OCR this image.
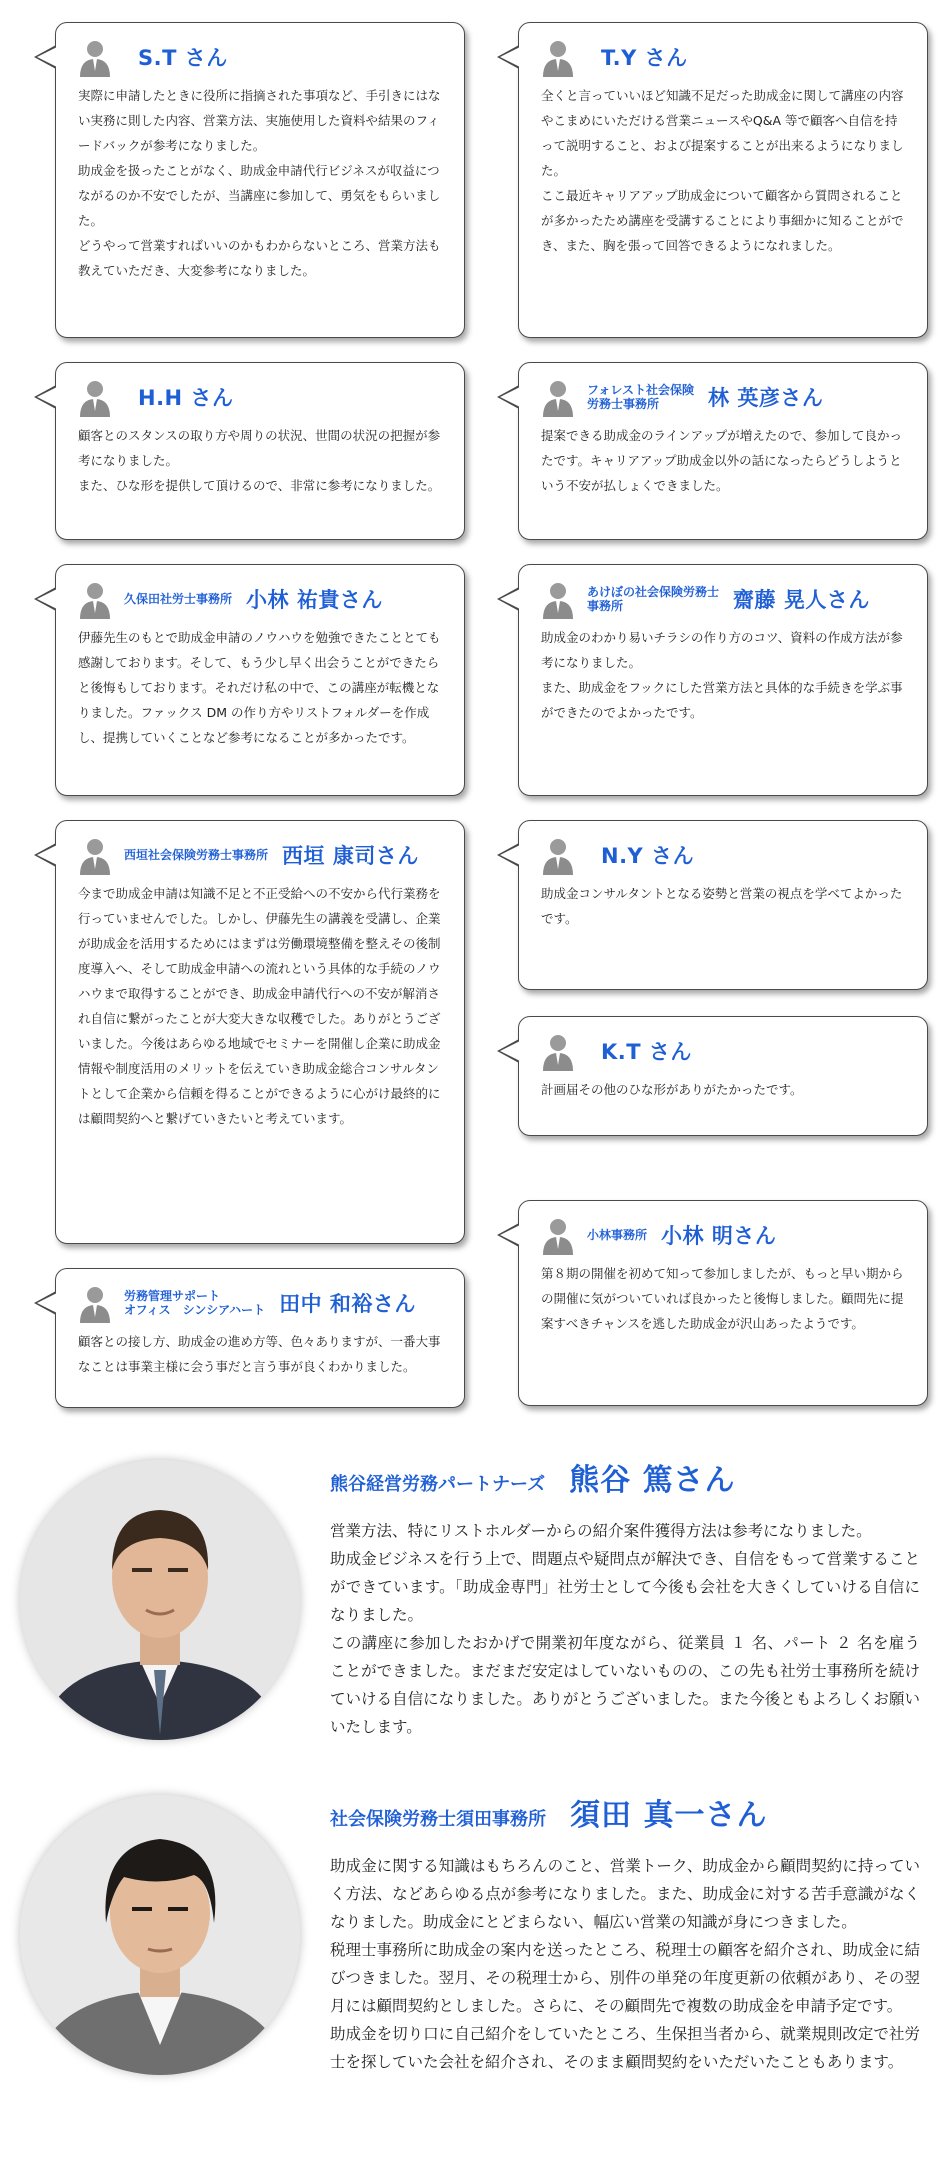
S.T さん

実際に申請したときに役所に指摘された事項など、手引きにはない実務に則した内容、営業方法、実施使用した資料や結果のフィードバックが参考になりました。

助成金を扱ったことがなく、助成金申請代行ビジネスが収益につながるのか不安でしたが、当講座に参加して、勇気をもらいました。

どうやって営業すればいいのかもわからないところ、営業方法も教えていただき、大変参考になりました。

H.H さん

顧客とのスタンスの取り方や周りの状況、世間の状況の把握が参考になりました。

また、ひな形を提供して頂けるので、非常に参考になりました。

久保田社労士事務所 小林 祐貴さん

伊藤先生のもとで助成金申請のノウハウを勉強できたこととても感謝しております。そして、もう少し早く出会うことができたらと後悔もしております。それだけ私の中で、この講座が転機となりました。ファックス DM の作り方やリストフォルダーを作成し、提携していくことなど参考になることが多かったです。

西垣社会保険労務士事務所 西垣 康司さん

今まで助成金申請は知識不足と不正受給への不安から代行業務を行っていませんでした。しかし、伊藤先生の講義を受講し、企業が助成金を活用するためにはまずは労働環境整備を整えその後制度導入へ、そして助成金申請への流れという具体的な手続のノウハウまで取得することができ、助成金申請代行への不安が解消され自信に繋がったことが大変大きな収穫でした。ありがとうございました。今後はあらゆる地域でセミナーを開催し企業に助成金情報や制度活用のメリットを伝えていき助成金総合コンサルタントとして企業から信頼を得ることができるように心がけ最終的には顧問契約へと繋げていきたいと考えています。

労務管理サポート
オフィス　シンシアハート 田中 和裕さん

顧客との接し方、助成金の進め方等、色々ありますが、一番大事なことは事業主様に会う事だと言う事が良くわかりました。

T.Y さん

全くと言っていいほど知識不足だった助成金に関して講座の内容やこまめにいただける営業ニュースやQ&A 等で顧客へ自信を持って説明すること、および提案することが出来るようになりました。

ここ最近キャリアアップ助成金について顧客から質問されることが多かったため講座を受講することにより事細かに知ることができ、また、胸を張って回答できるようになれました。

フォレスト社会保険
労務士事務所	林 英彦さん

提案できる助成金のラインアップが増えたので、参加して良かったです。キャリアアップ助成金以外の話になったらどうしようという不安が払しょくできました。

あけぼの社会保険労務士
事務所	齋藤 晃人さん

助成金のわかり易いチラシの作り方のコツ、資料の作成方法が参考になりました。

また、助成金をフックにした営業方法と具体的な手続きを学ぶ事ができたのでよかったです。

N.Y さん

助成金コンサルタントとなる姿勢と営業の視点を学べてよかったです。

K.T さん

計画届その他のひな形がありがたかったです。

小林事務所 小林 明さん

第８期の開催を初めて知って参加しましたが、もっと早い期からの開催に気がついていれば良かったと後悔しました。顧問先に提案すべきチャンスを逃した助成金が沢山あったようです。

熊谷経営労務パートナーズ 熊谷 篤さん

営業方法、特にリストホルダーからの紹介案件獲得方法は参考になりました。

助成金ビジネスを行う上で、問題点や疑問点が解決でき、自信をもって営業することができています。「助成金専門」社労士として今後も会社を大きくしていける自信になりました。

この講座に参加したおかげで開業初年度ながら、従業員 １ 名、パート ２ 名を雇うことができました。まだまだ安定はしていないものの、この先も社労士事務所を続けていける自信になりました。ありがとうございました。また今後ともよろしくお願いいたします。

社会保険労務士須田事務所 須田 真一さん

助成金に関する知識はもちろんのこと、営業トーク、助成金から顧問契約に持っていく方法、などあらゆる点が参考になりました。また、助成金に対する苦手意識がなくなりました。助成金にとどまらない、幅広い営業の知識が身につきました。

税理士事務所に助成金の案内を送ったところ、税理士の顧客を紹介され、助成金に結びつきました。翌月、その税理士から、別件の単発の年度更新の依頼があり、その翌月には顧問契約としました。さらに、その顧問先で複数の助成金を申請予定です。

助成金を切り口に自己紹介をしていたところ、生保担当者から、就業規則改定で社労士を探していた会社を紹介され、そのまま顧問契約をいただいたこともあります。
